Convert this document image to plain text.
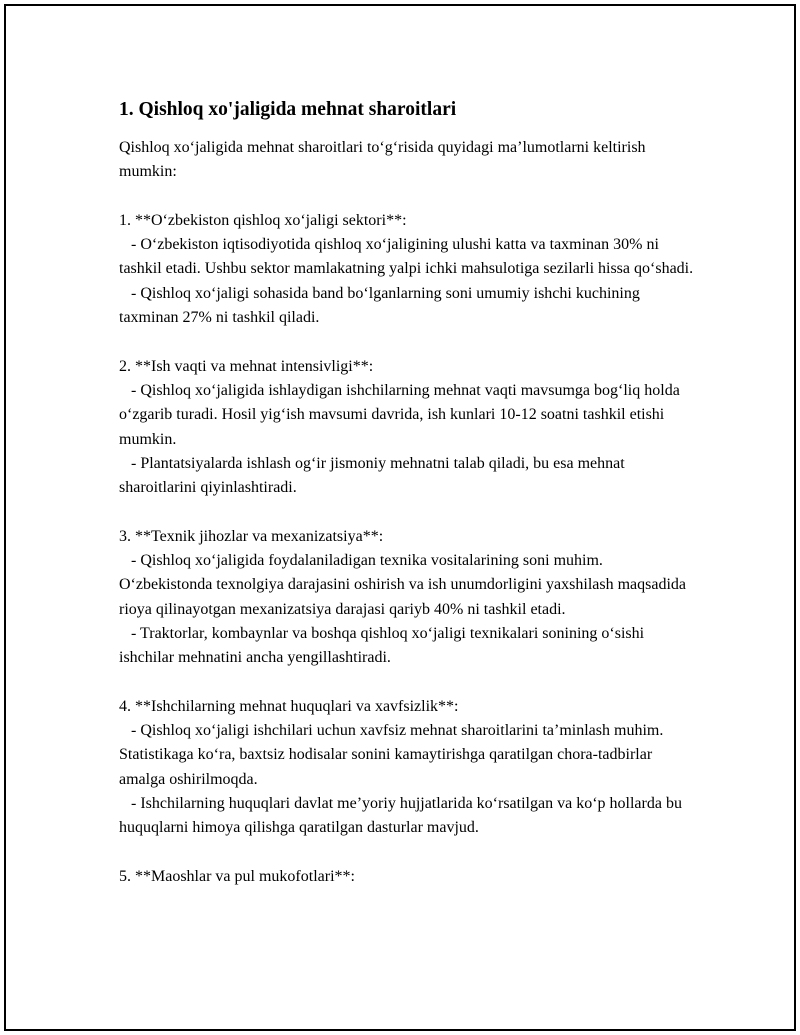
1. Qishloq xo'jaligida mehnat sharoitlari

Qishloq xoʻjaligida mehnat sharoitlari toʻgʻrisida quyidagi maʼlumotlarni keltirish mumkin:

1. **Oʻzbekiston qishloq xoʻjaligi sektori**:

- Oʻzbekiston iqtisodiyotida qishloq xoʻjaligining ulushi katta va taxminan 30% ni tashkil etadi. Ushbu sektor mamlakatning yalpi ichki mahsulotiga sezilarli hissa qoʻshadi.

- Qishloq xoʻjaligi sohasida band boʻlganlarning soni umumiy ishchi kuchining taxminan 27% ni tashkil qiladi.

2. **Ish vaqti va mehnat intensivligi**:

- Qishloq xoʻjaligida ishlaydigan ishchilarning mehnat vaqti mavsumga bogʻliq holda oʻzgarib turadi. Hosil yigʻish mavsumi davrida, ish kunlari 10-12 soatni tashkil etishi mumkin.

- Plantatsiyalarda ishlash ogʻir jismoniy mehnatni talab qiladi, bu esa mehnat sharoitlarini qiyinlashtiradi.

3. **Texnik jihozlar va mexanizatsiya**:

- Qishloq xoʻjaligida foydalaniladigan texnika vositalarining soni muhim. Oʻzbekistonda texnolgiya darajasini oshirish va ish unumdorligini yaxshilash maqsadida rioya qilinayotgan mexanizatsiya darajasi qariyb 40% ni tashkil etadi.

- Traktorlar, kombaynlar va boshqa qishloq xoʻjaligi texnikalari sonining oʻsishi ishchilar mehnatini ancha yengillashtiradi.

4. **Ishchilarning mehnat huquqlari va xavfsizlik**:

- Qishloq xoʻjaligi ishchilari uchun xavfsiz mehnat sharoitlarini taʼminlash muhim. Statistikaga koʻra, baxtsiz hodisalar sonini kamaytirishga qaratilgan chora-tadbirlar amalga oshirilmoqda.

- Ishchilarning huquqlari davlat meʼyoriy hujjatlarida koʻrsatilgan va koʻp hollarda bu huquqlarni himoya qilishga qaratilgan dasturlar mavjud.

5. **Maoshlar va pul mukofotlari**:
